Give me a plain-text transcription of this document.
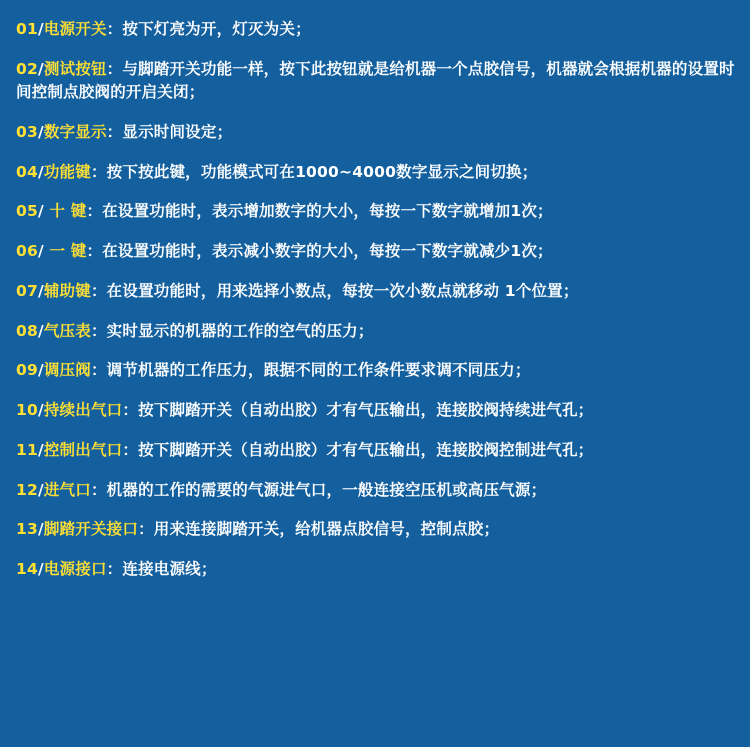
01/电源开关：按下灯亮为开，灯灭为关；

02/测试按钮：与脚踏开关功能一样，按下此按钮就是给机器一个点胶信号，机器就会根据机器的设置时间控制点胶阀的开启关闭；

03/数字显示：显示时间设定；

04/功能键：按下按此键，功能模式可在1000~4000数字显示之间切换；

05/ 十 键：在设置功能时，表示增加数字的大小，每按一下数字就增加1次；

06/ 一 键：在设置功能时，表示减小数字的大小，每按一下数字就减少1次；

07/辅助键：在设置功能时，用来选择小数点，每按一次小数点就移动 1个位置；

08/气压表：实时显示的机器的工作的空气的压力；

09/调压阀：调节机器的工作压力，跟据不同的工作条件要求调不同压力；

10/持续出气口：按下脚踏开关（自动出胶）才有气压输出，连接胶阀持续进气孔；

11/控制出气口：按下脚踏开关（自动出胶）才有气压输出，连接胶阀控制进气孔；

12/进气口：机器的工作的需要的气源进气口，一般连接空压机或高压气源；

13/脚踏开关接口：用来连接脚踏开关，给机器点胶信号，控制点胶；

14/电源接口：连接电源线；
